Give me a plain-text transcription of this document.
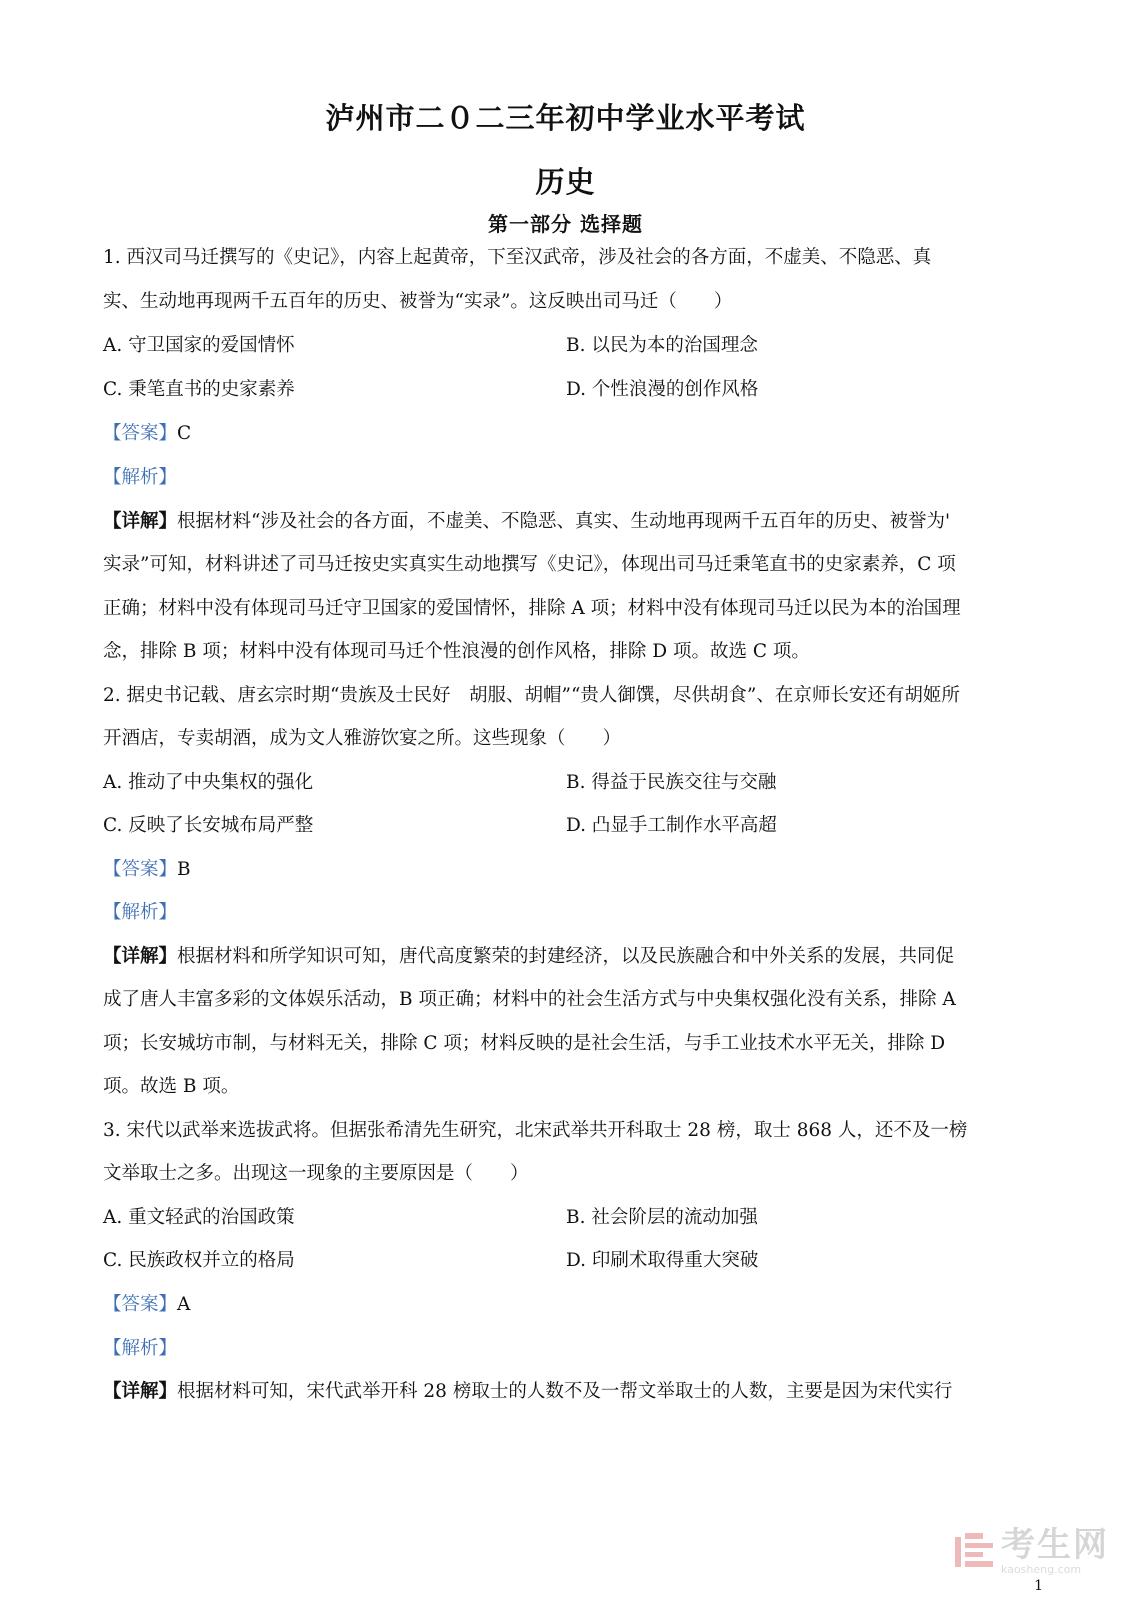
泸州市二０二三年初中学业水平考试
历史
第一部分 选择题
1. 西汉司马迁撰写的《史记》，内容上起黄帝，下至汉武帝，涉及社会的各方面，不虚美、不隐恶、真
实、生动地再现两千五百年的历史、被誉为“实录”。这反映出司马迁（　　）
A. 守卫国家的爱国情怀	B. 以民为本的治国理念
C. 秉笔直书的史家素养	D. 个性浪漫的创作风格
【答案】C
【解析】
【详解】根据材料“涉及社会的各方面，不虚美、不隐恶、真实、生动地再现两千五百年的历史、被誉为'
实录”可知，材料讲述了司马迁按史实真实生动地撰写《史记》，体现出司马迁秉笔直书的史家素养，C 项
正确；材料中没有体现司马迁守卫国家的爱国情怀，排除 A 项；材料中没有体现司马迁以民为本的治国理
念，排除 B 项；材料中没有体现司马迁个性浪漫的创作风格，排除 D 项。故选 C 项。
2. 据史书记载、唐玄宗时期“贵族及士民好　胡服、胡帽”“贵人御馔，尽供胡食”、在京师长安还有胡姬所
开酒店，专卖胡酒，成为文人雅游饮宴之所。这些现象（　　）
A. 推动了中央集权的强化	B. 得益于民族交往与交融
C. 反映了长安城布局严整	D. 凸显手工制作水平高超
【答案】B
【解析】
【详解】根据材料和所学知识可知，唐代高度繁荣的封建经济，以及民族融合和中外关系的发展，共同促
成了唐人丰富多彩的文体娱乐活动，B 项正确；材料中的社会生活方式与中央集权强化没有关系，排除 A
项；长安城坊市制，与材料无关，排除 C 项；材料反映的是社会生活，与手工业技术水平无关，排除 D
项。故选 B 项。
3. 宋代以武举来选拔武将。但据张希清先生研究，北宋武举共开科取士 28 榜，取士 868 人，还不及一榜
文举取士之多。出现这一现象的主要原因是（　　）
A. 重文轻武的治国政策	B. 社会阶层的流动加强
C. 民族政权并立的格局	D. 印刷术取得重大突破
【答案】A
【解析】
【详解】根据材料可知，宋代武举开科 28 榜取士的人数不及一帮文举取士的人数，主要是因为宋代实行
考生网
kaosheng.com
1
